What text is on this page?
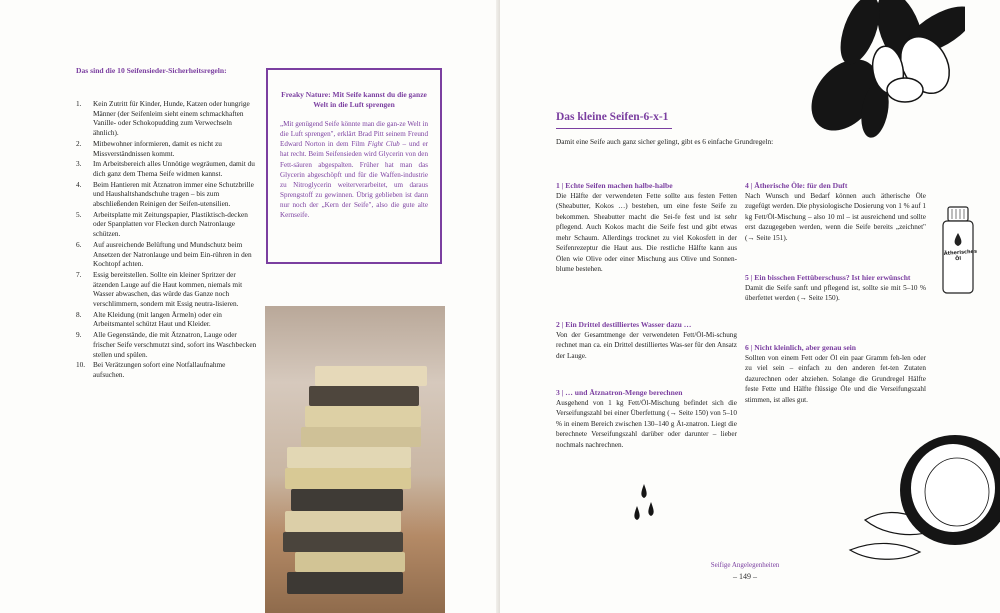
Das sind die 10 Seifensieder-Sicherheitsregeln:
1. Kein Zutritt für Kinder, Hunde, Katzen oder hungrige Männer (der Seifenleim sieht einem schmackhaften Vanille- oder Schokopudding zum Verwechseln ähnlich).
2. Mitbewohner informieren, damit es nicht zu Missverständnissen kommt.
3. Im Arbeitsbereich alles Unnötige wegräumen, damit du dich ganz dem Thema Seife widmen kannst.
4. Beim Hantieren mit Ätznatron immer eine Schutzbrille und Haushaltshandschuhe tragen – bis zum abschließenden Reinigen der Seifen-utensilien.
5. Arbeitsplatte mit Zeitungspapier, Plastiktisch-decken oder Spanplatten vor Flecken durch Natronlauge schützen.
6. Auf ausreichende Belüftung und Mundschutz beim Ansetzen der Natronlauge und beim Ein-rühren in den Kochtopf achten.
7. Essig bereitstellen. Sollte ein kleiner Spritzer der ätzenden Lauge auf die Haut kommen, niemals mit Wasser abwaschen, das würde das Ganze noch verschlimmern, sondern mit Essig neutra-lisieren.
8. Alte Kleidung (mit langen Ärmeln) oder ein Arbeitsmantel schützt Haut und Kleider.
9. Alle Gegenstände, die mit Ätznatron, Lauge oder frischer Seife verschmutzt sind, sofort ins Waschbecken stellen und spülen.
10. Bei Verätzungen sofort eine Notfallaufnahme aufsuchen.
Freaky Nature: Mit Seife kannst du die ganze Welt in die Luft sprengen
„Mit genügend Seife könnte man die gan-ze Welt in die Luft sprengen", erklärt Brad Pitt seinem Freund Edward Norton in dem Film Fight Club – und er hat recht. Beim Seifensieden wird Glycerin von den Fett-säuren abgespalten. Früher hat man das Glycerin abgeschöpft und für die Waffen-industrie zu Nitroglycerin weiterverarbeitet, um daraus Sprengstoff zu gewinnen. Übrig geblieben ist dann nur noch der „Kern der Seife", also die gute alte Kernseife.
Das kleine Seifen-6-x-1
Damit eine Seife auch ganz sicher gelingt, gibt es 6 einfache Grundregeln:
1 | Echte Seifen machen halbe-halbe

Die Hälfte der verwendeten Fette sollte aus festen Fetten (Sheabutter, Kokos …) bestehen, um eine feste Seife zu bekommen. Sheabutter macht die Sei-fe fest und ist sehr pflegend. Auch Kokos macht die Seife fest und gibt etwas mehr Schaum. Allerdings trocknet zu viel Kokosfett in der Seifenrezeptur die Haut aus. Die restliche Hälfte kann aus Ölen wie Olive oder einer Mischung aus Olive und Sonnen-blume bestehen.

2 | Ein Drittel destilliertes Wasser dazu …

Von der Gesamtmenge der verwendeten Fett/Öl-Mi-schung rechnet man ca. ein Drittel destilliertes Was-ser für den Ansatz der Lauge.

3 | … und Ätznatron-Menge berechnen

Ausgehend von 1 kg Fett/Öl-Mischung befindet sich die Verseifungszahl bei einer Überfettung (→ Seite 150) von 5–10 % in einem Bereich zwischen 130–140 g Ät-znatron. Liegt die berechnete Verseifungszahl darüber oder darunter – lieber nochmals nachrechnen.

4 | Ätherische Öle: für den Duft

Nach Wunsch und Bedarf können auch ätherische Öle zugefügt werden. Die physiologische Dosierung von 1 % auf 1 kg Fett/Öl-Mischung – also 10 ml – ist ausreichend und sollte erst dazugegeben werden, wenn die Seife bereits „zeichnet" (→ Seite 151).

5 | Ein bisschen Fettüberschuss? Ist hier erwünscht

Damit die Seife sanft und pflegend ist, sollte sie mit 5–10 % überfettet werden (→ Seite 150).

6 | Nicht kleinlich, aber genau sein

Sollten von einem Fett oder Öl ein paar Gramm feh-len oder zu viel sein – einfach zu den anderen fet-ten Zutaten dazurechnen oder abziehen. Solange die Grundregel Hälfte feste Fette und Hälfte flüssige Öle und die Verseifungszahl stimmen, ist alles gut.

Ätherisches Öl
Seifige Angelegenheiten
– 149 –
